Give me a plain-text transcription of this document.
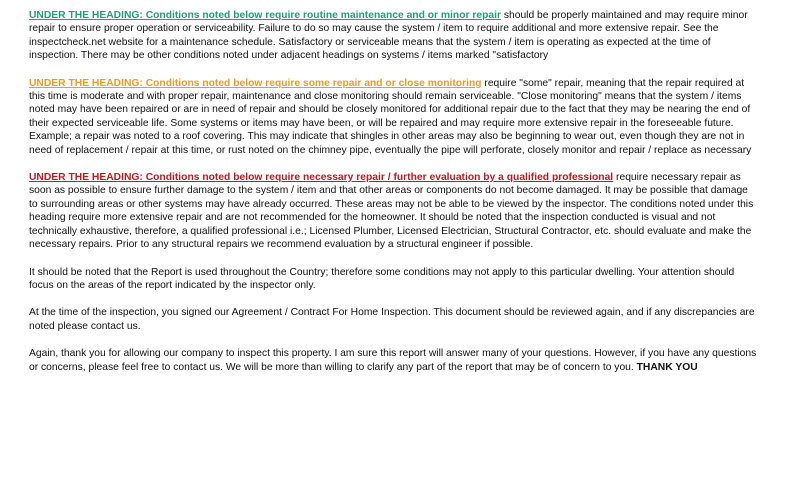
UNDER THE HEADING: Conditions noted below require routine maintenance and or minor repair should be properly maintained and may require minor repair to ensure proper operation or serviceability. Failure to do so may cause the system / item to require additional and more extensive repair. See the inspectcheck.net website for a maintenance schedule. Satisfactory or serviceable means that the system / item is operating as expected at the time of inspection. There may be other conditions noted under adjacent headings on systems / items marked "satisfactory

UNDER THE HEADING: Conditions noted below require some repair and or close monitoring require "some" repair, meaning that the repair required at this time is moderate and with proper repair, maintenance and close monitoring should remain serviceable. "Close monitoring" means that the system / items noted may have been repaired or are in need of repair and should be closely monitored for additional repair due to the fact that they may be nearing the end of their expected serviceable life. Some systems or items may have been, or will be repaired and may require more extensive repair in the foreseeable future. Example; a repair was noted to a roof covering. This may indicate that shingles in other areas may also be beginning to wear out, even though they are not in need of replacement / repair at this time, or rust noted on the chimney pipe, eventually the pipe will perforate, closely monitor and repair / replace as necessary

UNDER THE HEADING: Conditions noted below require necessary repair / further evaluation by a qualified professional require necessary repair as soon as possible to ensure further damage to the system / item and that other areas or components do not become damaged. It may be possible that damage to surrounding areas or other systems may have already occurred. These areas may not be able to be viewed by the inspector. The conditions noted under this heading require more extensive repair and are not recommended for the homeowner. It should be noted that the inspection conducted is visual and not technically exhaustive, therefore, a qualified professional i.e.; Licensed Plumber, Licensed Electrician, Structural Contractor, etc. should evaluate and make the necessary repairs. Prior to any structural repairs we recommend evaluation by a structural engineer if possible.

It should be noted that the Report is used throughout the Country; therefore some conditions may not apply to this particular dwelling. Your attention should focus on the areas of the report indicated by the inspector only.

At the time of the inspection, you signed our Agreement / Contract For Home Inspection. This document should be reviewed again, and if any discrepancies are noted please contact us.

Again, thank you for allowing our company to inspect this property. I am sure this report will answer many of your questions. However, if you have any questions or concerns, please feel free to contact us. We will be more than willing to clarify any part of the report that may be of concern to you. THANK YOU
